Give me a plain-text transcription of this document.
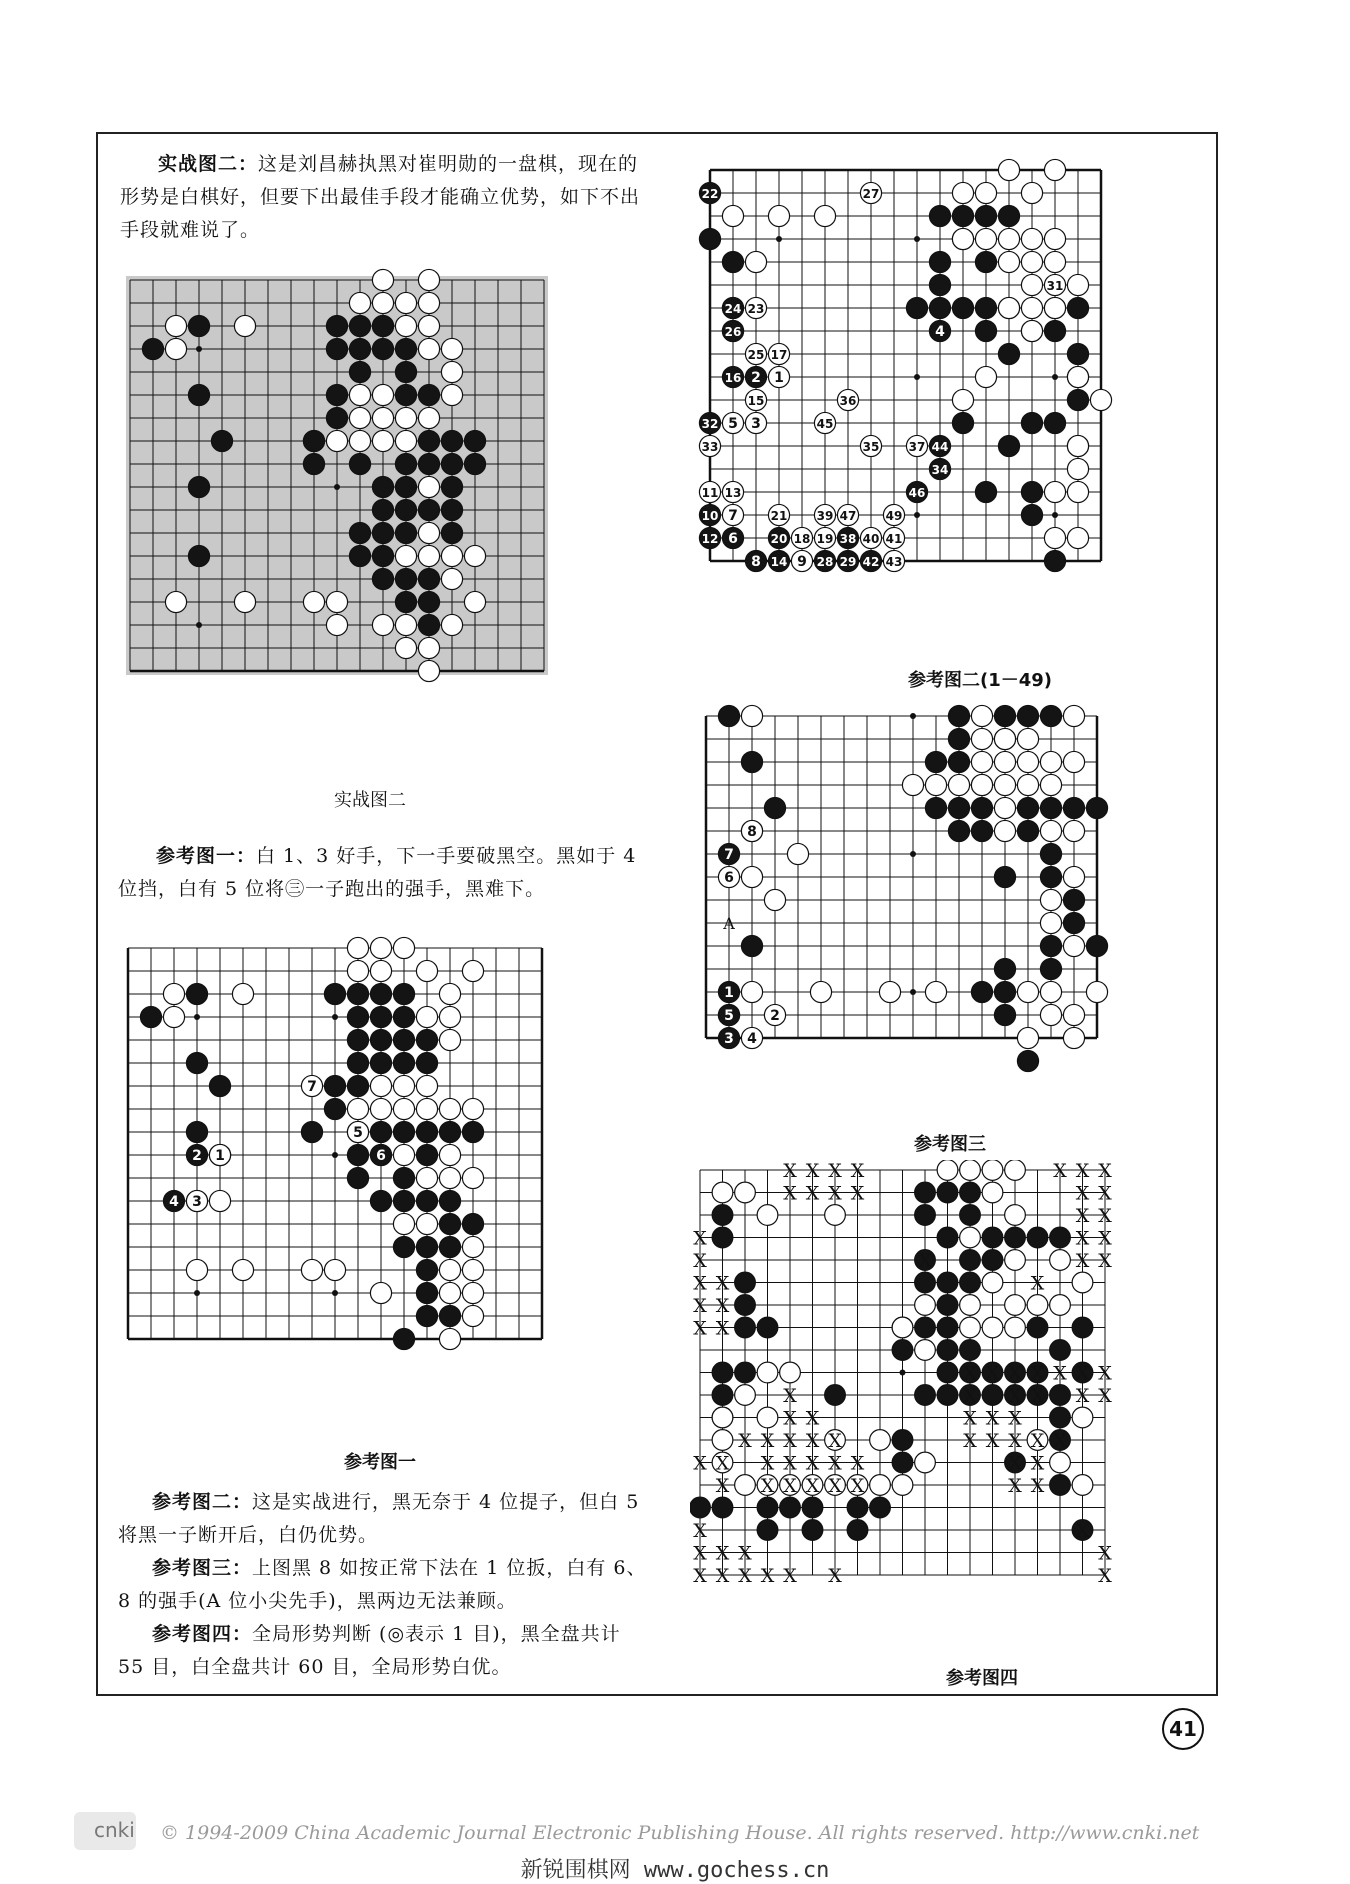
实战图二：这是刘昌赫执黑对崔明勋的一盘棋，现在的形势是白棋好，但要下出最佳手段才能确立优势，如下不出手段就难说了。
实战图二
参考图一：白 1、3 好手，下一手要破黑空。黑如于 4 位挡，白有 5 位将㊂一子跑出的强手，黑难下。
2 1
4 3
7
5
6
参考图一
参考图二：这是实战进行，黑无奈于 4 位提子，但白 5 将黑一子断开后，白仍优势。
参考图三：上图黑 8 如按正常下法在 1 位扳，白有 6、8 的强手(A 位小尖先手)，黑两边无法兼顾。
参考图四：全局形势判断 (◎表示 1 目)，黑全盘共计 55 目，白全盘共计 60 目，全局形势白优。
22	27
31
24 23
26
25 17
16 2 1
15	36
32 5 3	45
33	35 37 44
34
11 13	46
10 7	21 39 47 49
12 6	20 18 19 38 40 41
8 14 9 28 29 42 43
4
参考图二(1－49)
8
7
6
1
5	2
3 4
A
参考图三
X X X X	X X X
X X X X	X X
X X
X X
X
X	X	X X
X X	X
X X
X X
X X X X X X X
X	X X X X X
X X	X X X
X X X X X	X X X X X
X X X X X X X	X X
X X X X X X	X X
X	X
X X X	X
X X X X X X	X
参考图四
41
cnki © 1994-2009 China Academic Journal Electronic Publishing House. All rights reserved. http://www.cnki.net
新锐围棋网 www.gochess.cn
